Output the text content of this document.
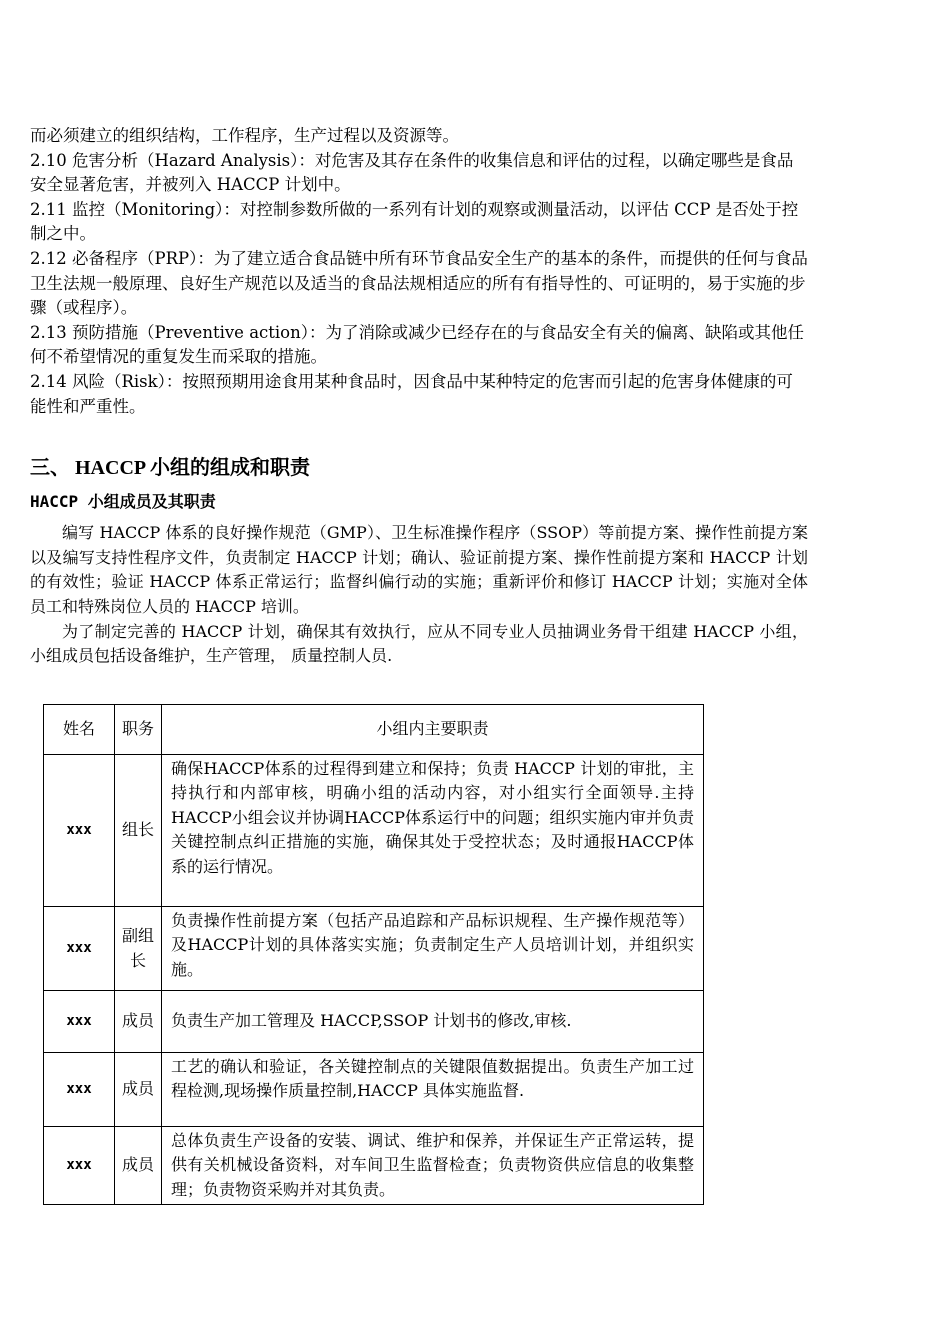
而必须建立的组织结构，工作程序，生产过程以及资源等。

2.10 危害分析（Hazard Analysis）：对危害及其存在条件的收集信息和评估的过程，以确定哪些是食品安全显著危害，并被列入 HACCP 计划中。

2.11 监控（Monitoring）：对控制参数所做的一系列有计划的观察或测量活动，以评估 CCP 是否处于控制之中。

2.12 必备程序（PRP）：为了建立适合食品链中所有环节食品安全生产的基本的条件，而提供的任何与食品卫生法规一般原理、良好生产规范以及适当的食品法规相适应的所有有指导性的、可证明的，易于实施的步骤（或程序）。

2.13 预防措施（Preventive action）：为了消除或减少已经存在的与食品安全有关的偏离、缺陷或其他任何不希望情况的重复发生而采取的措施。

2.14 风险（Risk）：按照预期用途食用某种食品时，因食品中某种特定的危害而引起的危害身体健康的可能性和严重性。

三、 HACCP 小组的组成和职责
HACCP 小组成员及其职责

编写 HACCP 体系的良好操作规范（GMP）、卫生标准操作程序（SSOP）等前提方案、操作性前提方案以及编写支持性程序文件，负责制定 HACCP 计划；确认、验证前提方案、操作性前提方案和 HACCP 计划的有效性；验证 HACCP 体系正常运行；监督纠偏行动的实施；重新评价和修订 HACCP 计划；实施对全体员工和特殊岗位人员的 HACCP 培训。

为了制定完善的 HACCP 计划，确保其有效执行，应从不同专业人员抽调业务骨干组建 HACCP 小组，小组成员包括设备维护，生产管理， 质量控制人员.

姓名	职务	小组内主要职责
xxx	组长	确保HACCP体系的过程得到建立和保持；负责 HACCP 计划的审批，主持执行和内部审核，明确小组的活动内容，对小组实行全面领导.主持HACCP小组会议并协调HACCP体系运行中的问题；组织实施内审并负责关键控制点纠正措施的实施，确保其处于受控状态；及时通报HACCP体系的运行情况。
xxx	副组长	负责操作性前提方案（包括产品追踪和产品标识规程、生产操作规范等）及HACCP计划的具体落实实施；负责制定生产人员培训计划，并组织实施。
xxx	成员	负责生产加工管理及 HACCP,SSOP 计划书的修改,审核.
xxx	成员	工艺的确认和验证，各关键控制点的关键限值数据提出。负责生产加工过程检测,现场操作质量控制,HACCP 具体实施监督.
xxx	成员	总体负责生产设备的安装、调试、维护和保养，并保证生产正常运转，提供有关机械设备资料，对车间卫生监督检查；负责物资供应信息的收集整理；负责物资采购并对其负责。
